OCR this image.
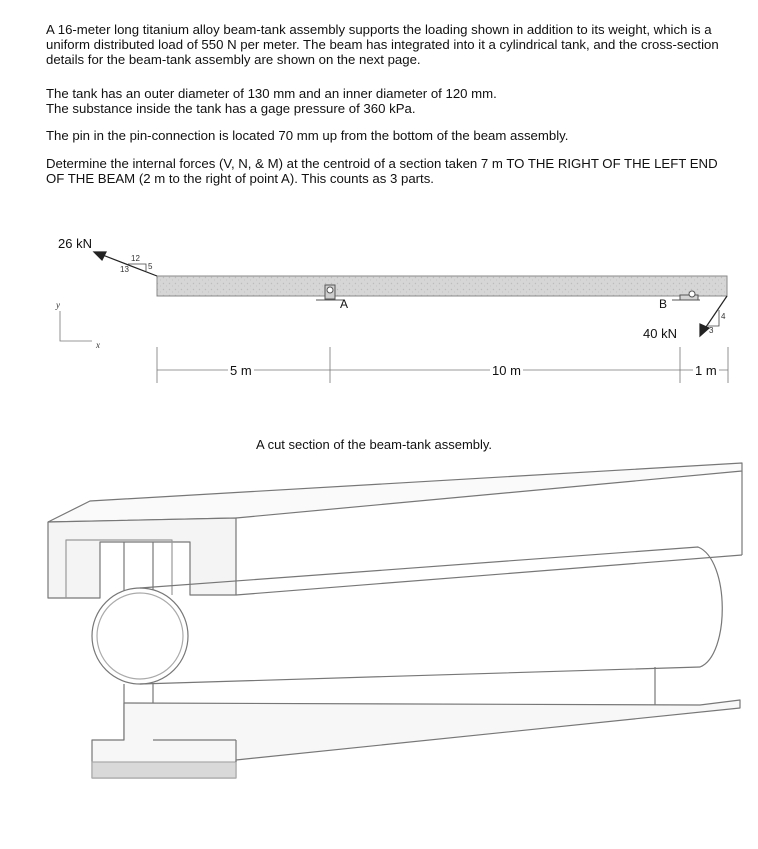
A 16-meter long titanium alloy beam-tank assembly supports the loading shown in addition to its weight, which is a uniform distributed load of 550 N per meter. The beam has integrated into it a cylindrical tank, and the cross-section details for the beam-tank assembly are shown on the next page.

The tank has an outer diameter of 130 mm and an inner diameter of 120 mm.
The substance inside the tank has a gage pressure of 360 kPa.

The pin in the pin-connection is located 70 mm up from the bottom of the beam assembly.

Determine the internal forces (V, N, & M) at the centroid of a section taken 7 m TO THE RIGHT OF THE LEFT END OF THE BEAM (2 m to the right of point A). This counts as 3 parts.

26 kN
12
13 5
y
x
A	B
40 kN
4
3
5 m	10 m	1 m
A cut section of the beam-tank assembly.
